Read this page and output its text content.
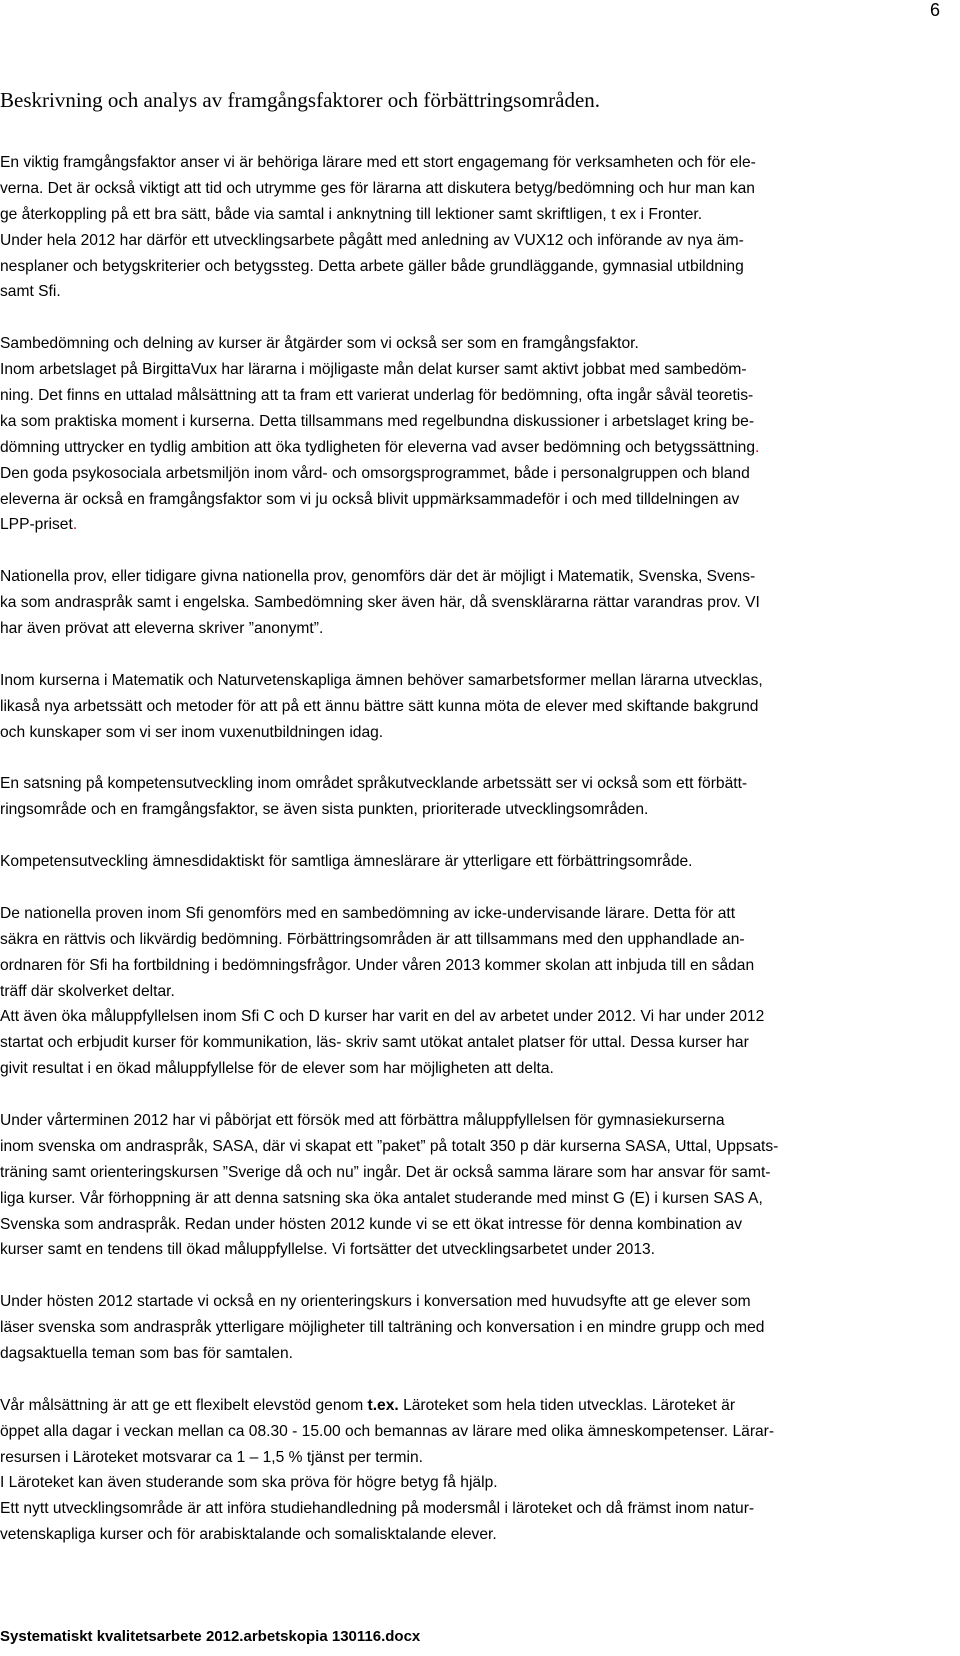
6
Beskrivning och analys av framgångsfaktorer och förbättringsområden.
En viktig framgångsfaktor anser vi är behöriga lärare med ett stort engagemang för verksamheten och för ele-
verna. Det är också viktigt att tid och utrymme ges för lärarna att diskutera betyg/bedömning och hur man kan
ge återkoppling på ett bra sätt, både via samtal i anknytning till lektioner samt skriftligen, t ex i Fronter.
Under hela 2012 har därför ett utvecklingsarbete pågått med anledning av VUX12 och införande av nya äm-
nesplaner och betygskriterier och betygssteg. Detta arbete gäller både grundläggande, gymnasial utbildning
samt Sfi.
Sambedömning och delning av kurser är åtgärder som vi också ser som en framgångsfaktor.
Inom arbetslaget på BirgittaVux har lärarna i möjligaste mån delat kurser samt aktivt jobbat med sambedöm-
ning. Det finns en uttalad målsättning att ta fram ett varierat underlag för bedömning, ofta ingår såväl teoretis-
ka som praktiska moment i kurserna. Detta tillsammans med regelbundna diskussioner i arbetslaget kring be-
dömning uttrycker en tydlig ambition att öka tydligheten för eleverna vad avser bedömning och betygssättning.
Den goda psykosociala arbetsmiljön inom vård- och omsorgsprogrammet, både i personalgruppen och bland
eleverna är också en framgångsfaktor som vi ju också blivit uppmärksammadeför i och med tilldelningen av
LPP-priset.
Nationella prov, eller tidigare givna nationella prov, genomförs där det är möjligt i Matematik, Svenska, Svens-
ka som andraspråk samt i engelska. Sambedömning sker även här, då svensklärarna rättar varandras prov. VI
har även prövat att eleverna skriver ”anonymt”.
Inom kurserna i Matematik och Naturvetenskapliga ämnen behöver samarbetsformer mellan lärarna utvecklas,
likaså nya arbetssätt och metoder för att på ett ännu bättre sätt kunna möta de elever med skiftande bakgrund
och kunskaper som vi ser inom vuxenutbildningen idag.
En satsning på kompetensutveckling inom området språkutvecklande arbetssätt ser vi också som ett förbätt-
ringsområde och en framgångsfaktor, se även sista punkten, prioriterade utvecklingsområden.
Kompetensutveckling ämnesdidaktiskt för samtliga ämneslärare är ytterligare ett förbättringsområde.
De nationella proven inom Sfi genomförs med en sambedömning av icke-undervisande lärare. Detta för att
säkra en rättvis och likvärdig bedömning. Förbättringsområden är att tillsammans med den upphandlade an-
ordnaren för Sfi ha fortbildning i bedömningsfrågor. Under våren 2013 kommer skolan att inbjuda till en sådan
träff där skolverket deltar.
Att även öka måluppfyllelsen inom Sfi C och D kurser har varit en del av arbetet under 2012. Vi har under 2012
startat och erbjudit kurser för kommunikation, läs- skriv samt utökat antalet platser för uttal. Dessa kurser har
givit resultat i en ökad måluppfyllelse för de elever som har möjligheten att delta.
Under vårterminen 2012 har vi påbörjat ett försök med att förbättra måluppfyllelsen för gymnasiekurserna
inom svenska om andraspråk, SASA, där vi skapat ett ”paket” på totalt 350 p där kurserna SASA, Uttal, Uppsats-
träning samt orienteringskursen ”Sverige då och nu” ingår. Det är också samma lärare som har ansvar för samt-
liga kurser. Vår förhoppning är att denna satsning ska öka antalet studerande med minst G (E) i kursen SAS A,
Svenska som andraspråk. Redan under hösten 2012 kunde vi se ett ökat intresse för denna kombination av
kurser samt en tendens till ökad måluppfyllelse. Vi fortsätter det utvecklingsarbetet under 2013.
Under hösten 2012 startade vi också en ny orienteringskurs i konversation med huvudsyfte att ge elever som
läser svenska som andraspråk ytterligare möjligheter till talträning och konversation i en mindre grupp och med
dagsaktuella teman som bas för samtalen.
Vår målsättning är att ge ett flexibelt elevstöd genom t.ex. Läroteket som hela tiden utvecklas. Läroteket är
öppet alla dagar i veckan mellan ca 08.30 - 15.00 och bemannas av lärare med olika ämneskompetenser. Lärar-
resursen i Läroteket motsvarar ca 1 – 1,5 % tjänst per termin.
I Läroteket kan även studerande som ska pröva för högre betyg få hjälp.
Ett nytt utvecklingsområde är att införa studiehandledning på modersmål i läroteket och då främst inom natur-
vetenskapliga kurser och för arabisktalande och somalisktalande elever.
Systematiskt kvalitetsarbete 2012.arbetskopia 130116.docx
